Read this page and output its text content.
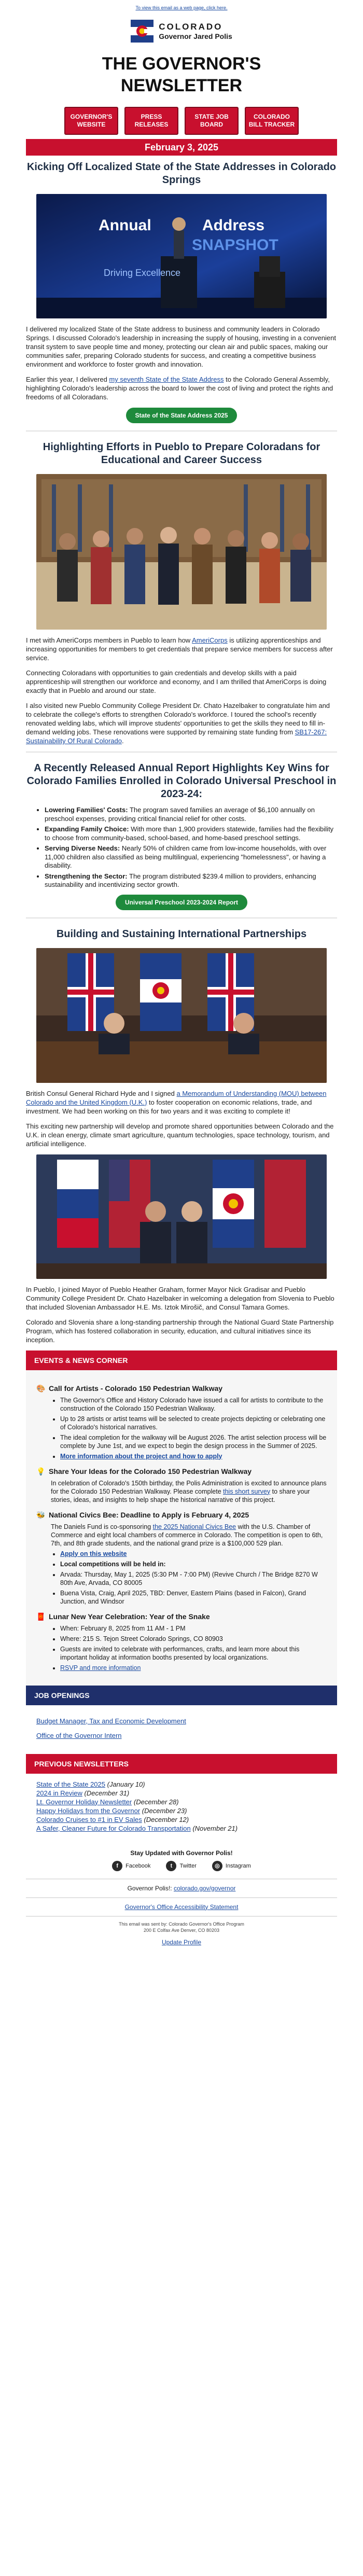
To view this email as a web page, click here.
COLORADO
Governor Jared Polis
THE GOVERNOR'S
NEWSLETTER
GOVERNOR'S WEBSITE
PRESS RELEASES
STATE JOB BOARD
COLORADO BILL TRACKER
February 3, 2025
Kicking Off Localized State of the State Addresses in Colorado Springs
Annual	Address
SNAPSHOT
Driving Excellence

I delivered my localized State of the State address to business and community leaders in Colorado Springs. I discussed Colorado's leadership in increasing the supply of housing, investing in a convenient transit system to save people time and money, protecting our clean air and public spaces, making our communities safer, preparing Colorado students for success, and creating a competitive business environment and workforce to foster growth and innovation.

Earlier this year, I delivered my seventh State of the State Address to the Colorado General Assembly, highlighting Colorado's leadership across the board to lower the cost of living and protect the rights and freedoms of all Coloradans.

State of the State Address 2025
Highlighting Efforts in Pueblo to Prepare Coloradans for Educational and Career Success

I met with AmeriCorps members in Pueblo to learn how AmeriCorps is utilizing apprenticeships and increasing opportunities for members to get credentials that prepare service members for success after service.

Connecting Coloradans with opportunities to gain credentials and develop skills with a paid apprenticeship will strengthen our workforce and economy, and I am thrilled that AmeriCorps is doing exactly that in Pueblo and around our state.

I also visited new Pueblo Community College President Dr. Chato Hazelbaker to congratulate him and to celebrate the college's efforts to strengthen Colorado's workforce. I toured the school's recently renovated welding labs, which will improve students' opportunities to get the skills they need to fill in-demand welding jobs. These renovations were supported by remaining state funding from SB17-267: Sustainability Of Rural Colorado.

A Recently Released Annual Report Highlights Key Wins for Colorado Families Enrolled in Colorado Universal Preschool in 2023-24:
• Lowering Families' Costs: The program saved families an average of $6,100 annually on preschool expenses, providing critical financial relief for other costs.
• Expanding Family Choice: With more than 1,900 providers statewide, families had the flexibility to choose from community-based, school-based, and home-based preschool settings.
• Serving Diverse Needs: Nearly 50% of children came from low-income households, with over 11,000 children also classified as being multilingual, experiencing "homelessness", or having a disability.
• Strengthening the Sector: The program distributed $239.4 million to providers, enhancing sustainability and incentivizing sector growth.
Universal Preschool 2023-2024 Report
Building and Sustaining International Partnerships

British Consul General Richard Hyde and I signed a Memorandum of Understanding (MOU) between Colorado and the United Kingdom (U.K.) to foster cooperation on economic relations, trade, and investment. We had been working on this for two years and it was exciting to complete it!

This exciting new partnership will develop and promote shared opportunities between Colorado and the U.K. in clean energy, climate smart agriculture, quantum technologies, space technology, tourism, and artificial intelligence.

In Pueblo, I joined Mayor of Pueblo Heather Graham, former Mayor Nick Gradisar and Pueblo Community College President Dr. Chato Hazelbaker in welcoming a delegation from Slovenia to Pueblo that included Slovenian Ambassador H.E. Ms. Iztok Mirošič, and Consul Tamara Gomes.

Colorado and Slovenia share a long-standing partnership through the National Guard State Partnership Program, which has fostered collaboration in security, education, and cultural initiatives since its inception.

EVENTS & NEWS CORNER
🎨 Call for Artists - Colorado 150 Pedestrian Walkway
• The Governor's Office and History Colorado have issued a call for artists to contribute to the construction of the Colorado 150 Pedestrian Walkway.
• Up to 28 artists or artist teams will be selected to create projects depicting or celebrating one of Colorado's historical narratives.
• The ideal completion for the walkway will be August 2026. The artist selection process will be complete by June 1st, and we expect to begin the design process in the Summer of 2025.
• More information about the project and how to apply
💡 Share Your Ideas for the Colorado 150 Pedestrian Walkway

In celebration of Colorado's 150th birthday, the Polis Administration is excited to announce plans for the Colorado 150 Pedestrian Walkway. Please complete this short survey to share your stories, ideas, and insights to help shape the historical narrative of this project.

🐝 National Civics Bee: Deadline to Apply is February 4, 2025

The Daniels Fund is co-sponsoring the 2025 National Civics Bee with the U.S. Chamber of Commerce and eight local chambers of commerce in Colorado. The competition is open to 6th, 7th, and 8th grade students, and the national grand prize is a $100,000 529 plan.

• Apply on this website
• Local competitions will be held in:
• Arvada: Thursday, May 1, 2025 (5:30 PM - 7:00 PM) (Revive Church / The Bridge 8270 W 80th Ave, Arvada, CO 80005
• Buena Vista, Craig, April 2025, TBD: Denver, Eastern Plains (based in Falcon), Grand Junction, and Windsor
🧧 Lunar New Year Celebration: Year of the Snake
• When: February 8, 2025 from 11 AM - 1 PM
• Where: 215 S. Tejon Street Colorado Springs, CO 80903
• Guests are invited to celebrate with performances, crafts, and learn more about this important holiday at information booths presented by local organizations.
• RSVP and more information
JOB OPENINGS
Budget Manager, Tax and Economic Development
Office of the Governor Intern
PREVIOUS NEWSLETTERS
State of the State 2025 (January 10)
2024 in Review (December 31)
Lt. Governor Holiday Newsletter (December 28)
Happy Holidays from the Governor (December 23)
Colorado Cruises to #1 in EV Sales (December 12)
A Safer, Cleaner Future for Colorado Transportation (November 21)
Stay Updated with Governor Polis!
f	Facebook	t	Twitter	◎	Instagram
Governor Polis!: colorado.gov/governor
Governor's Office Accessibility Statement
This email was sent by: Colorado Governor's Office Program
200 E Colfax Ave Denver, CO 80203
Update Profile
